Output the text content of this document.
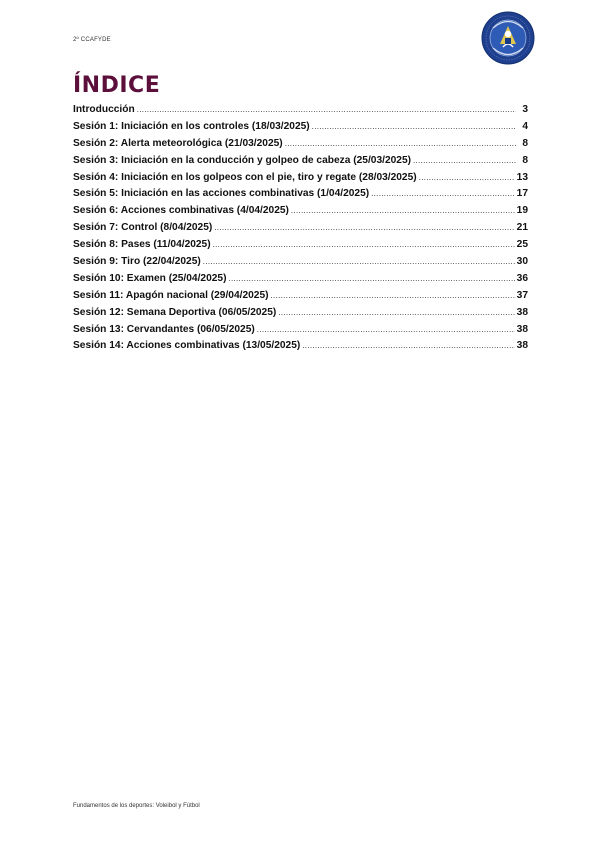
2º CCAFYDE
ÍNDICE
Introducción .....	3
Sesión 1: Iniciación en los controles (18/03/2025) .....	4
Sesión 2: Alerta meteorológica (21/03/2025) .....	8
Sesión 3: Iniciación en la conducción y golpeo de cabeza (25/03/2025) .....	8
Sesión 4: Iniciación en los golpeos con el pie, tiro y regate (28/03/2025) .....	13
Sesión 5: Iniciación en las acciones combinativas (1/04/2025) .....	17
Sesión 6: Acciones combinativas (4/04/2025) .....	19
Sesión 7: Control (8/04/2025) .....	21
Sesión 8: Pases (11/04/2025) .....	25
Sesión 9: Tiro (22/04/2025) .....	30
Sesión 10: Examen (25/04/2025) .....	36
Sesión 11: Apagón nacional (29/04/2025) .....	37
Sesión 12: Semana Deportiva (06/05/2025) .....	38
Sesión 13: Cervandantes (06/05/2025) .....	38
Sesión 14: Acciones combinativas (13/05/2025) .....	38
Fundamentos de los deportes: Voleibol y Fútbol
